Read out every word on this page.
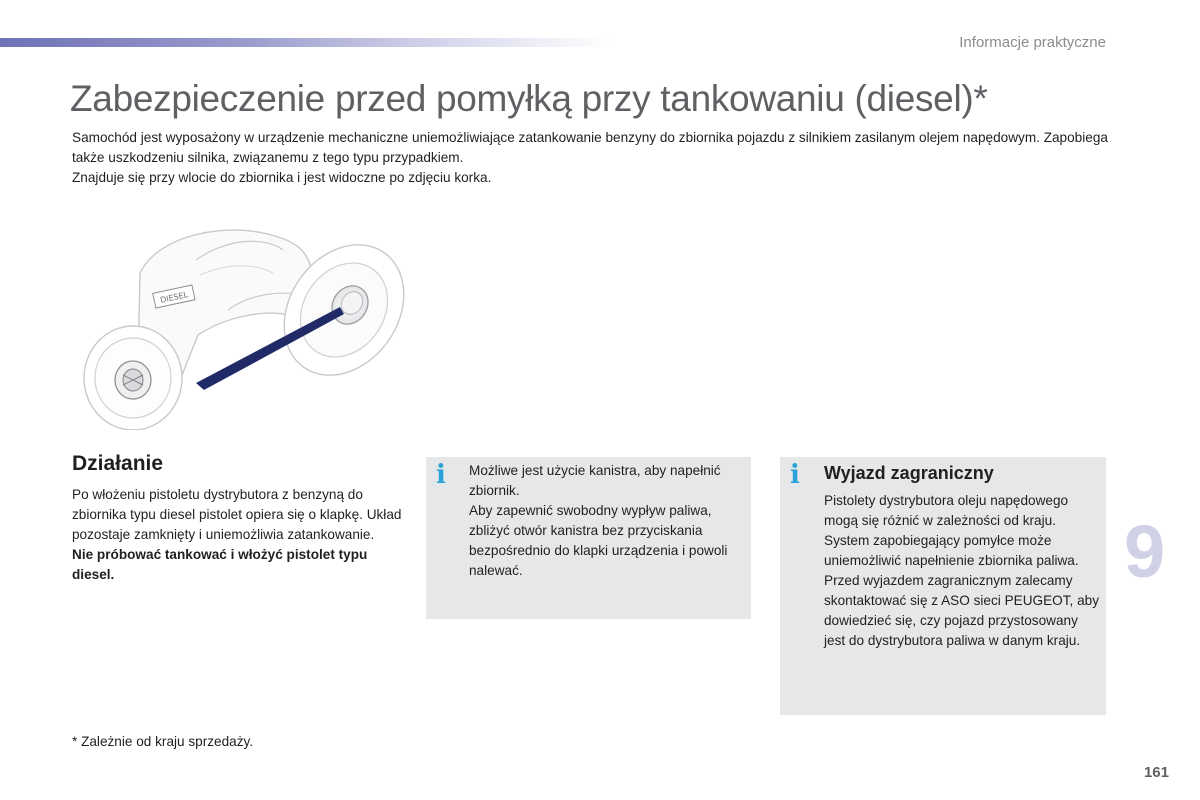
Informacje praktyczne
Zabezpieczenie przed pomyłką przy tankowaniu (diesel)*

Samochód jest wyposażony w urządzenie mechaniczne uniemożliwiające zatankowanie benzyny do zbiornika pojazdu z silnikiem zasilanym olejem napędowym. Zapobiega także uszkodzeniu silnika, związanemu z tego typu przypadkiem.

Znajduje się przy wlocie do zbiornika i jest widoczne po zdjęciu korka.

DIESEL
Działanie

Po włożeniu pistoletu dystrybutora z benzyną do zbiornika typu diesel pistolet opiera się o klapkę. Układ pozostaje zamknięty i uniemożliwia zatankowanie.

Nie próbować tankować i włożyć pistolet typu diesel.

i Możliwe jest użycie kanistra, aby napełnić zbiornik.

Aby zapewnić swobodny wypływ paliwa, zbliżyć otwór kanistra bez przyciskania bezpośrednio do klapki urządzenia i powoli nalewać.

i Wyjazd zagraniczny

Pistolety dystrybutora oleju napędowego mogą się różnić w zależności od kraju. System zapobiegający pomyłce może uniemożliwić napełnienie zbiornika paliwa.

Przed wyjazdem zagranicznym zalecamy skontaktować się z ASO sieci PEUGEOT, aby dowiedzieć się, czy pojazd przystosowany jest do dystrybutora paliwa w danym kraju.

9
* Zależnie od kraju sprzedaży.
161
